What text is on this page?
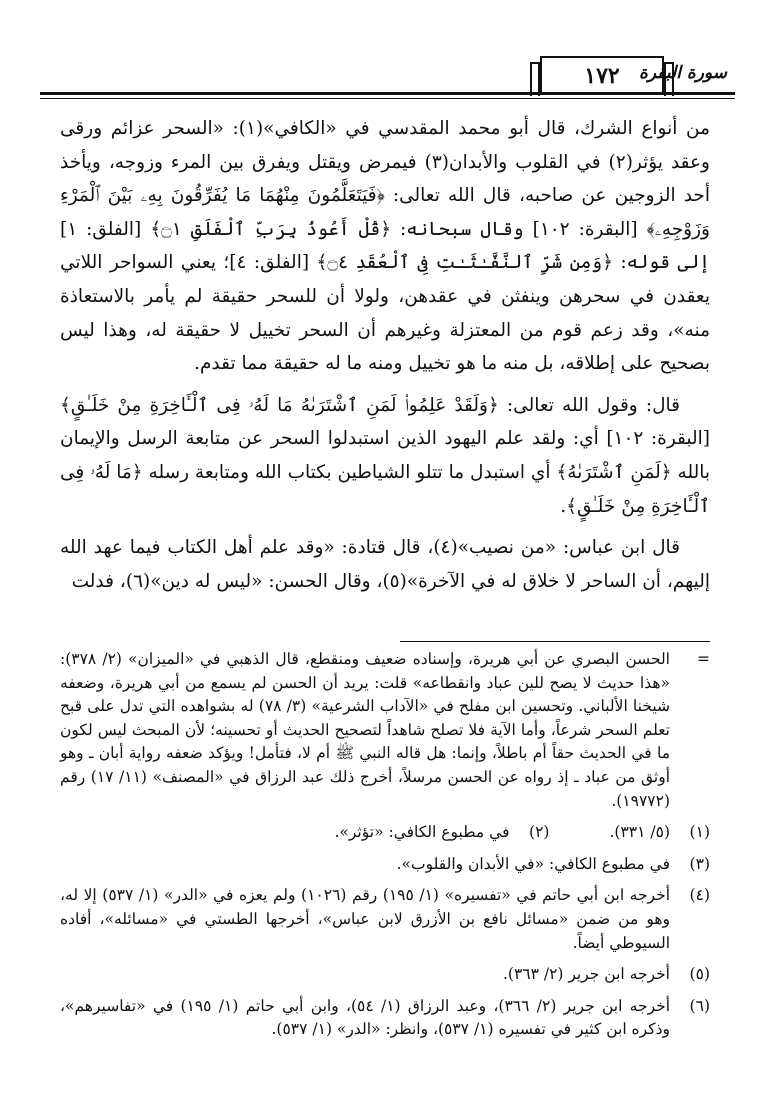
سورة البقرة
١٧٢

من أنواع الشرك، قال أبو محمد المقدسي في «الكافي»(١): «السحر عزائم ورقى وعقد يؤثر(٢) في القلوب والأبدان(٣) فيمرض ويقتل ويفرق بين المرء وزوجه، ويأخذ أحد الزوجين عن صاحبه، قال الله تعالى: ﴿فَيَتَعَلَّمُونَ مِنْهُمَا مَا يُفَرِّقُونَ بِهِۦ بَيْنَ ٱلْمَرْءِ وَزَوْجِهِۦ﴾ [البقرة: ١٠٢] وقال سبحانه: ﴿قُلْ أَعُوذُ بِرَبِّ ٱلْفَلَقِ ۝١﴾ [الفلق: ١] إلى قوله: ﴿وَمِن شَرِّ ٱلنَّفَّـٰثَـٰتِ فِى ٱلْعُقَدِ ۝٤﴾ [الفلق: ٤]؛ يعني السواحر اللاتي يعقدن في سحرهن وينفثن في عقدهن، ولولا أن للسحر حقيقة لم يأمر بالاستعاذة منه»، وقد زعم قوم من المعتزلة وغيرهم أن السحر تخييل لا حقيقة له، وهذا ليس بصحيح على إطلاقه، بل منه ما هو تخييل ومنه ما له حقيقة مما تقدم.

قال: وقول الله تعالى: ﴿وَلَقَدْ عَلِمُوا۟ لَمَنِ ٱشْتَرَىٰهُ مَا لَهُۥ فِى ٱلْـَٔاخِرَةِ مِنْ خَلَـٰقٍ﴾ [البقرة: ١٠٢] أي: ولقد علم اليهود الذين استبدلوا السحر عن متابعة الرسل والإيمان بالله ﴿لَمَنِ ٱشْتَرَىٰهُ﴾ أي استبدل ما تتلو الشياطين بكتاب الله ومتابعة رسله ﴿مَا لَهُۥ فِى ٱلْـَٔاخِرَةِ مِنْ خَلَـٰقٍ﴾.

قال ابن عباس: «من نصيب»(٤)، قال قتادة: «وقد علم أهل الكتاب فيما عهد الله إليهم، أن الساحر لا خلاق له في الآخرة»(٥)، وقال الحسن: «ليس له دين»(٦)، فدلت

=
الحسن البصري عن أبي هريرة، وإسناده ضعيف ومنقطع، قال الذهبي في «الميزان» (٢/ ٣٧٨): «هذا حديث لا يصح للين عباد وانقطاعه» قلت: يريد أن الحسن لم يسمع من أبي هريرة، وضعفه شيخنا الألباني. وتحسين ابن مفلح في «الآداب الشرعية» (٣/ ٧٨) له بشواهده التي تدل على قبح تعلم السحر شرعاً، وأما الآية فلا تصلح شاهداً لتصحيح الحديث أو تحسينه؛ لأن المبحث ليس لكون ما في الحديث حقاً أم باطلاً، وإنما: هل قاله النبي ﷺ أم لا، فتأمل! ويؤكد ضعفه رواية أبان ـ وهو أوثق من عباد ـ إذ رواه عن الحسن مرسلاً، أخرج ذلك عبد الرزاق في «المصنف» (١١/ ١٧) رقم (١٩٧٧٢).

(١)
(٥/ ٣٣١).
(٢)
في مطبوع الكافي: «تؤثر».

(٣)
في مطبوع الكافي: «في الأبدان والقلوب».

(٤)
أخرجه ابن أبي حاتم في «تفسيره» (١/ ١٩٥) رقم (١٠٢٦) ولم يعزه في «الدر» (١/ ٥٣٧) إلا له، وهو من ضمن «مسائل نافع بن الأزرق لابن عباس»، أخرجها الطستي في «مسائله»، أفاده السيوطي أيضاً.

(٥)
أخرجه ابن جرير (٢/ ٣٦٣).

(٦)
أخرجه ابن جرير (٢/ ٣٦٦)، وعبد الرزاق (١/ ٥٤)، وابن أبي حاتم (١/ ١٩٥) في «تفاسيرهم»، وذكره ابن كثير في تفسيره (١/ ٥٣٧)، وانظر: «الدر» (١/ ٥٣٧).
